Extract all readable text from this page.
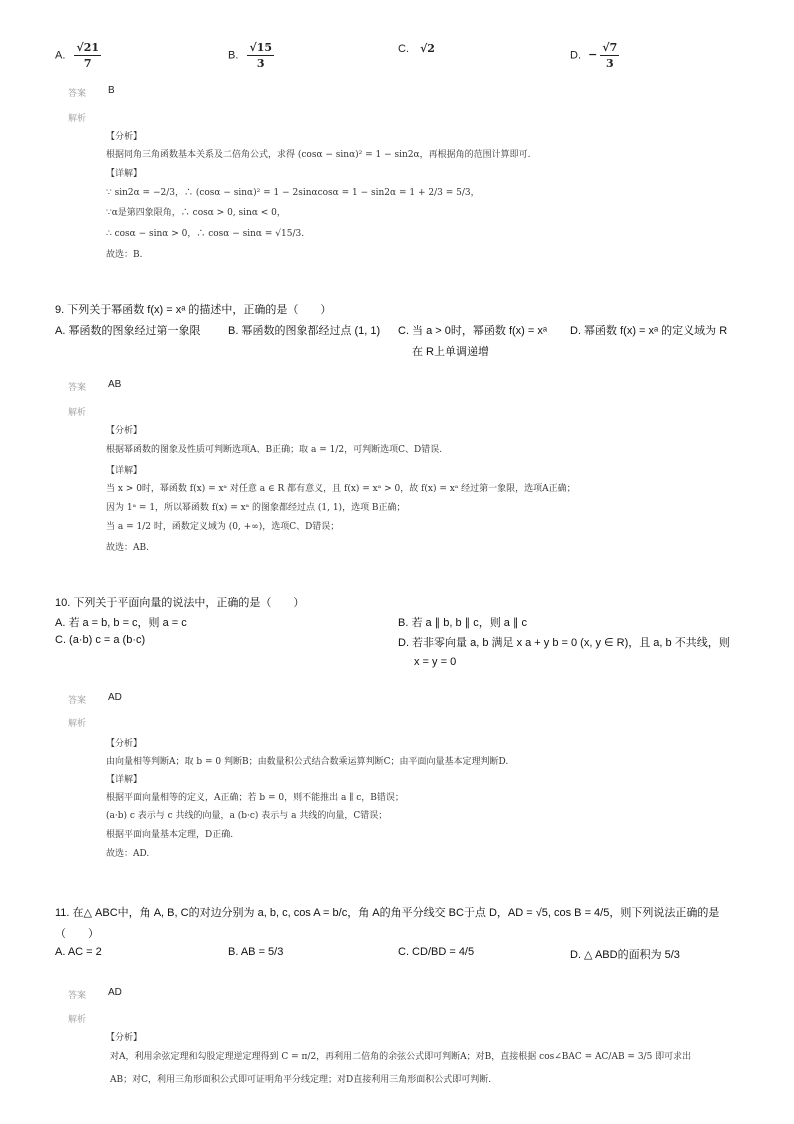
A. $\frac{√21}{7}$	B. $\frac{√15}{3}$	C. √2
D. − $\frac{√7}{3}$
答案 B
解析
【分析】
根据同角三角函数基本关系及二倍角公式，求得 (cosα − sinα)² = 1 − sin2α，再根据角的范围计算即可.
【详解】
∵ sin2α = −2/3，∴ (cosα − sinα)² = 1 − 2sinαcosα = 1 − sin2α = 1 + 2/3 = 5/3，
∵α是第四象限角，∴ cosα > 0, sinα < 0，
∴ cosα − sinα > 0，∴ cosα − sinα = √15/3.
故选：B.
9. 下列关于幂函数 f(x) = xᵃ 的描述中，正确的是（　　）
A. 幂函数的图象经过第一象限	B. 幂函数的图象都经过点 (1, 1) C. 当 a > 0时，幂函数 f(x) = xᵃ
在 R上单调递增
D. 幂函数 f(x) = xᵃ 的定义域为 R
答案 AB
解析
【分析】
根据幂函数的图象及性质可判断选项A、B正确；取 a = 1/2，可判断选项C、D错误.
【详解】
当 x > 0时，幂函数 f(x) = xᵃ 对任意 a ∈ R 都有意义，且 f(x) = xᵃ > 0，故 f(x) = xᵃ 经过第一象限，选项A正确；
因为 1ᵃ = 1，所以幂函数 f(x) = xᵃ 的图象都经过点 (1, 1)，选项 B正确；
当 a = 1/2 时，函数定义域为 (0, +∞)，选项C、D错误；
故选：AB.
10. 下列关于平面向量的说法中，正确的是（　　）
A. 若 a = b, b = c，则 a = c	B. 若 a ∥ b, b ∥ c，则 a ∥ c
C. (a·b) c = a (b·c)	D. 若非零向量 a, b 满足 x a + y b = 0 (x, y ∈ R)，且 a, b 不共线，则
x = y = 0
答案 AD
解析
【分析】
由向量相等判断A；取 b = 0 判断B；由数量积公式结合数乘运算判断C；由平面向量基本定理判断D.
【详解】
根据平面向量相等的定义，A正确；若 b = 0，则不能推出 a ∥ c，B错误；
(a·b) c 表示与 c 共线的向量，a (b·c) 表示与 a 共线的向量，C错误；
根据平面向量基本定理，D正确.
故选：AD.
11. 在△ ABC中，角 A, B, C的对边分别为 a, b, c, cos A = b/c，角 A的角平分线交 BC于点 D，AD = √5, cos B = 4/5，则下列说法正确的是
（　　）
A. AC = 2	B. AB = 5/3	C. CD/BD = 4/5	D. △ ABD的面积为 5/3
答案 AD
解析
【分析】
对A，利用余弦定理和勾股定理逆定理得到 C = π/2，再利用二倍角的余弦公式即可判断A；对B，直接根据 cos∠BAC = AC/AB = 3/5 即可求出
AB；对C，利用三角形面积公式即可证明角平分线定理；对D直接利用三角形面积公式即可判断.
